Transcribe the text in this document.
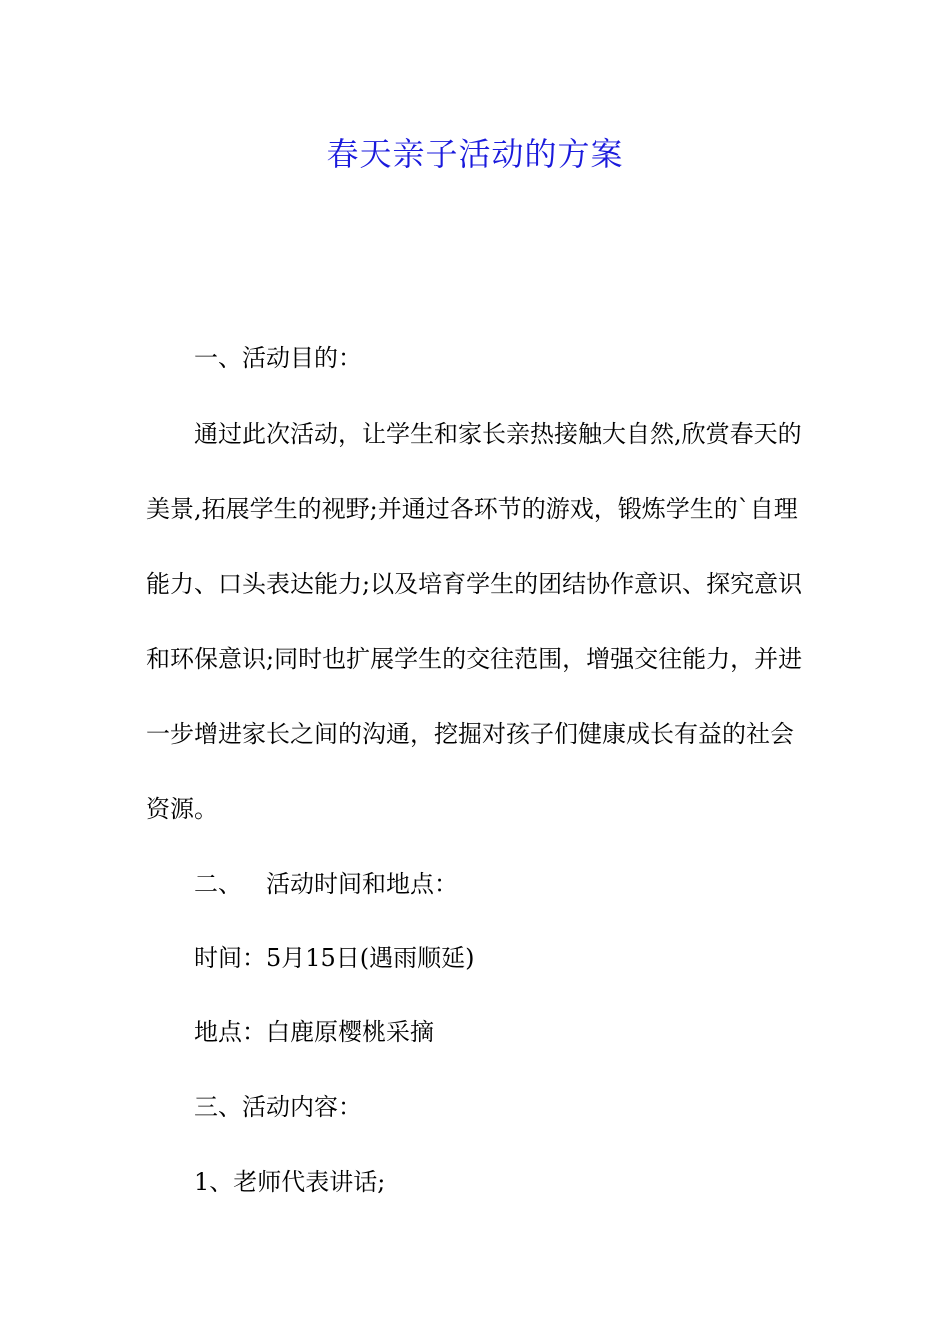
春天亲子活动的方案
一、活动目的：
通过此次活动，让学生和家长亲热接触大自然,欣赏春天的
美景,拓展学生的视野;并通过各环节的游戏，锻炼学生的`自理
能力、口头表达能力;以及培育学生的团结协作意识、探究意识
和环保意识;同时也扩展学生的交往范围，增强交往能力，并进
一步增进家长之间的沟通，挖掘对孩子们健康成长有益的社会
资源。
二、 活动时间和地点：
时间：5月15日(遇雨顺延)
地点：白鹿原樱桃采摘
三、活动内容：
1、老师代表讲话;
